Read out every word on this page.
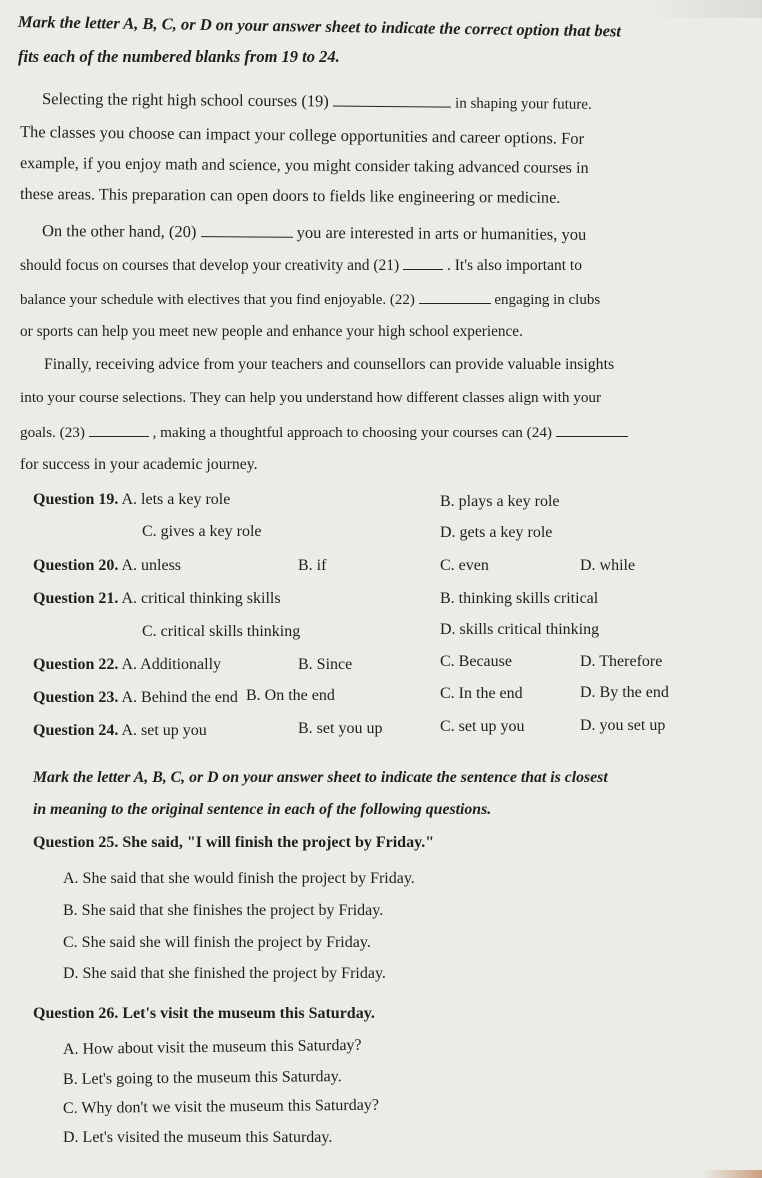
Mark the letter A, B, C, or D on your answer sheet to indicate the correct option that best
fits each of the numbered blanks from 19 to 24.
Selecting the right high school courses (19)	in shaping your future.
The classes you choose can impact your college opportunities and career options. For
example, if you enjoy math and science, you might consider taking advanced courses in
these areas. This preparation can open doors to fields like engineering or medicine.
On the other hand, (20)	you are interested in arts or humanities, you
should focus on courses that develop your creativity and (21)	. It's also important to
balance your schedule with electives that you find enjoyable. (22)	engaging in clubs
or sports can help you meet new people and enhance your high school experience.
Finally, receiving advice from your teachers and counsellors can provide valuable insights
into your course selections. They can help you understand how different classes align with your
goals. (23)	, making a thoughtful approach to choosing your courses can (24)
for success in your academic journey.
Question 19. A. lets a key role	B. plays a key role
C. gives a key role	D. gets a key role
Question 20. A. unless	B. if	C. even	D. while
Question 21. A. critical thinking skills	B. thinking skills critical
C. critical skills thinking	D. skills critical thinking
Question 22. A. Additionally	B. Since	C. Because	D. Therefore
Question 23. A. Behind the end B. On the end	C. In the end	D. By the end
Question 24. A. set up you	B. set you up	C. set up you	D. you set up
Mark the letter A, B, C, or D on your answer sheet to indicate the sentence that is closest
in meaning to the original sentence in each of the following questions.
Question 25. She said, "I will finish the project by Friday."
A. She said that she would finish the project by Friday.
B. She said that she finishes the project by Friday.
C. She said she will finish the project by Friday.
D. She said that she finished the project by Friday.
Question 26. Let's visit the museum this Saturday.
A. How about visit the museum this Saturday?
B. Let's going to the museum this Saturday.
C. Why don't we visit the museum this Saturday?
D. Let's visited the museum this Saturday.
